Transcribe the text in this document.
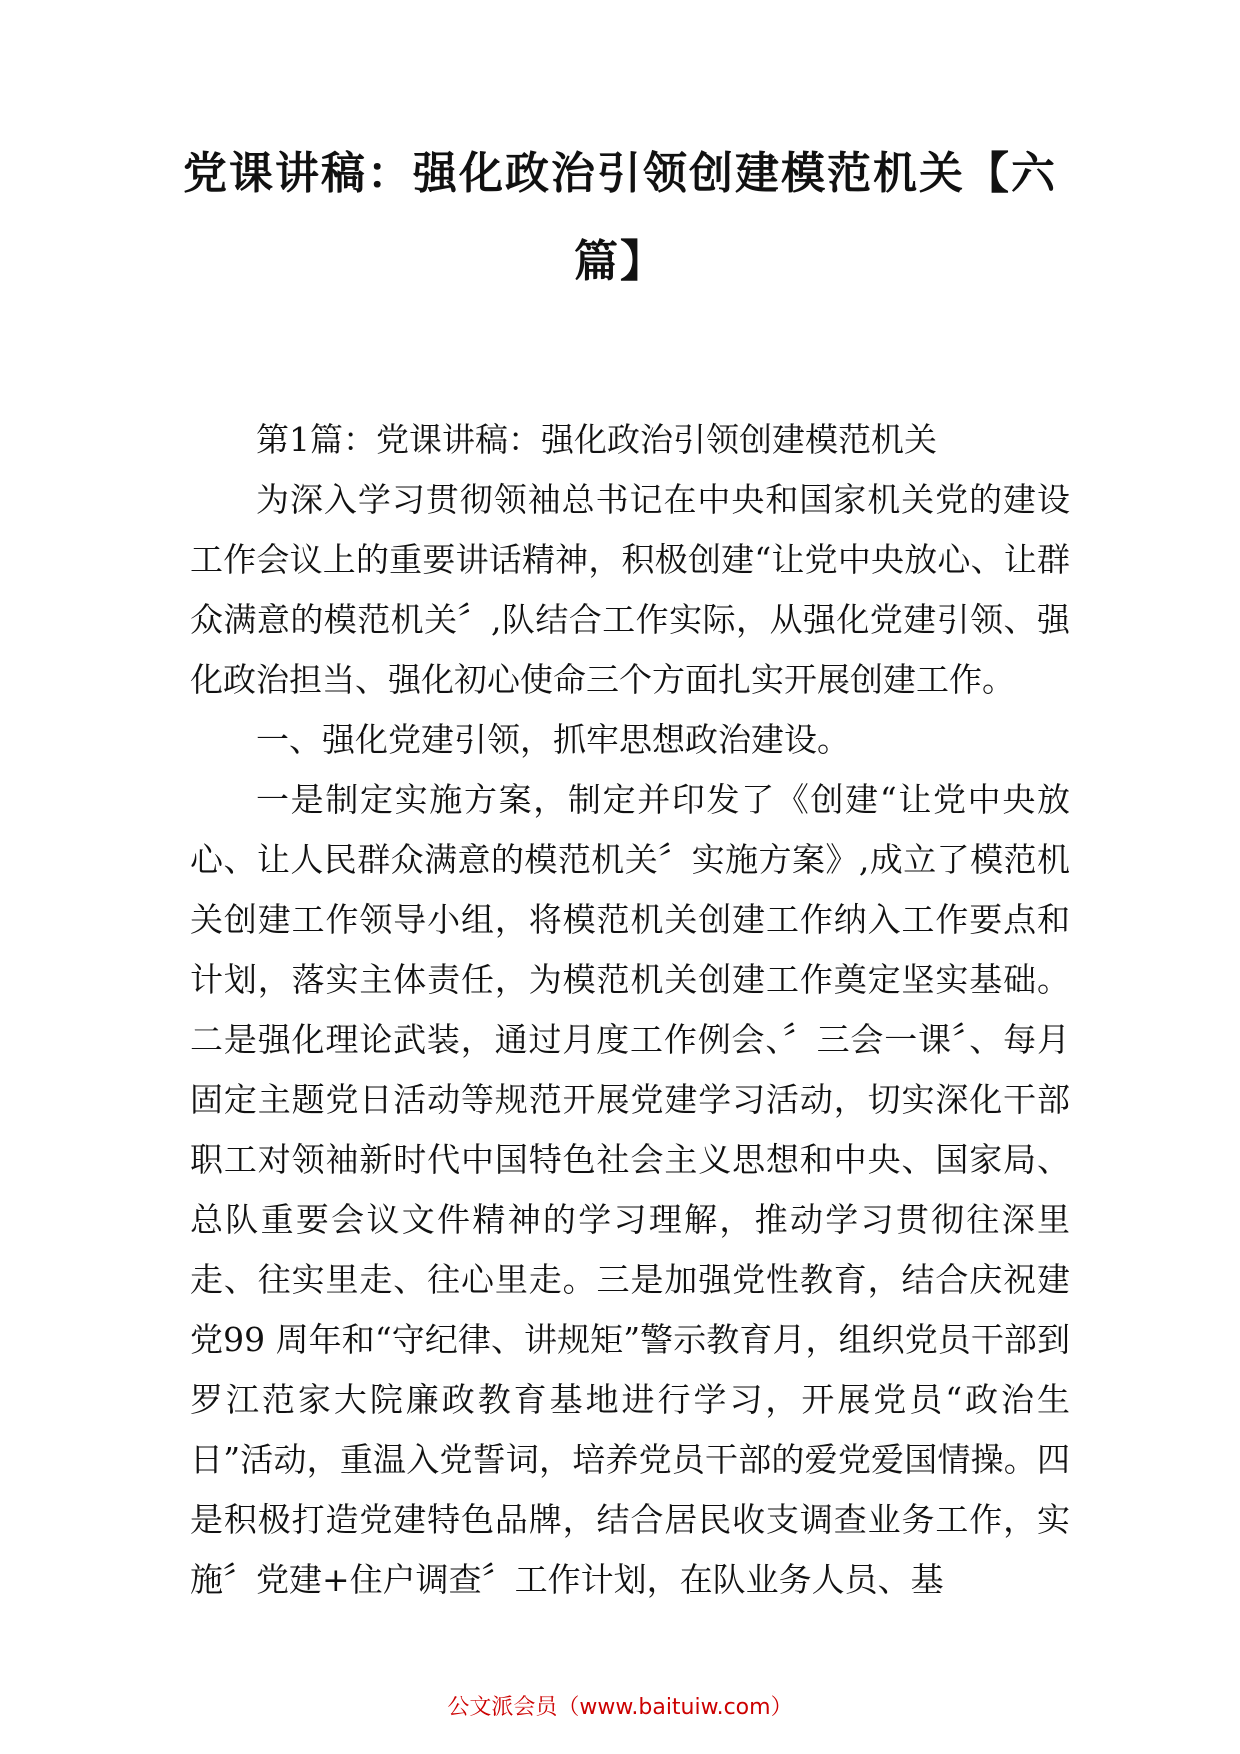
党课讲稿：强化政治引领创建模范机关【六篇】

第1篇：党课讲稿：强化政治引领创建模范机关

为深入学习贯彻领袖总书记在中央和国家机关党的建设工作会议上的重要讲话精神，积极创建“让党中央放心、让群众满意的模范机关〞,队结合工作实际，从强化党建引领、强化政治担当、强化初心使命三个方面扎实开展创建工作。

一、强化党建引领，抓牢思想政治建设。

一是制定实施方案，制定并印发了《创建“让党中央放心、让人民群众满意的模范机关〞实施方案》,成立了模范机关创建工作领导小组，将模范机关创建工作纳入工作要点和计划，落实主体责任，为模范机关创建工作奠定坚实基础。二是强化理论武装，通过月度工作例会、〞三会一课〞、每月固定主题党日活动等规范开展党建学习活动，切实深化干部职工对领袖新时代中国特色社会主义思想和中央、国家局、总队重要会议文件精神的学习理解，推动学习贯彻往深里走、往实里走、往心里走。三是加强党性教育，结合庆祝建党99 周年和“守纪律、讲规矩”警示教育月，组织党员干部到罗江范家大院廉政教育基地进行学习，开展党员“政治生日”活动，重温入党誓词，培养党员干部的爱党爱国情操。四是积极打造党建特色品牌，结合居民收支调查业务工作，实施〞党建+住户调查〞工作计划，在队业务人员、基

公文派会员（www.baituiw.com）
